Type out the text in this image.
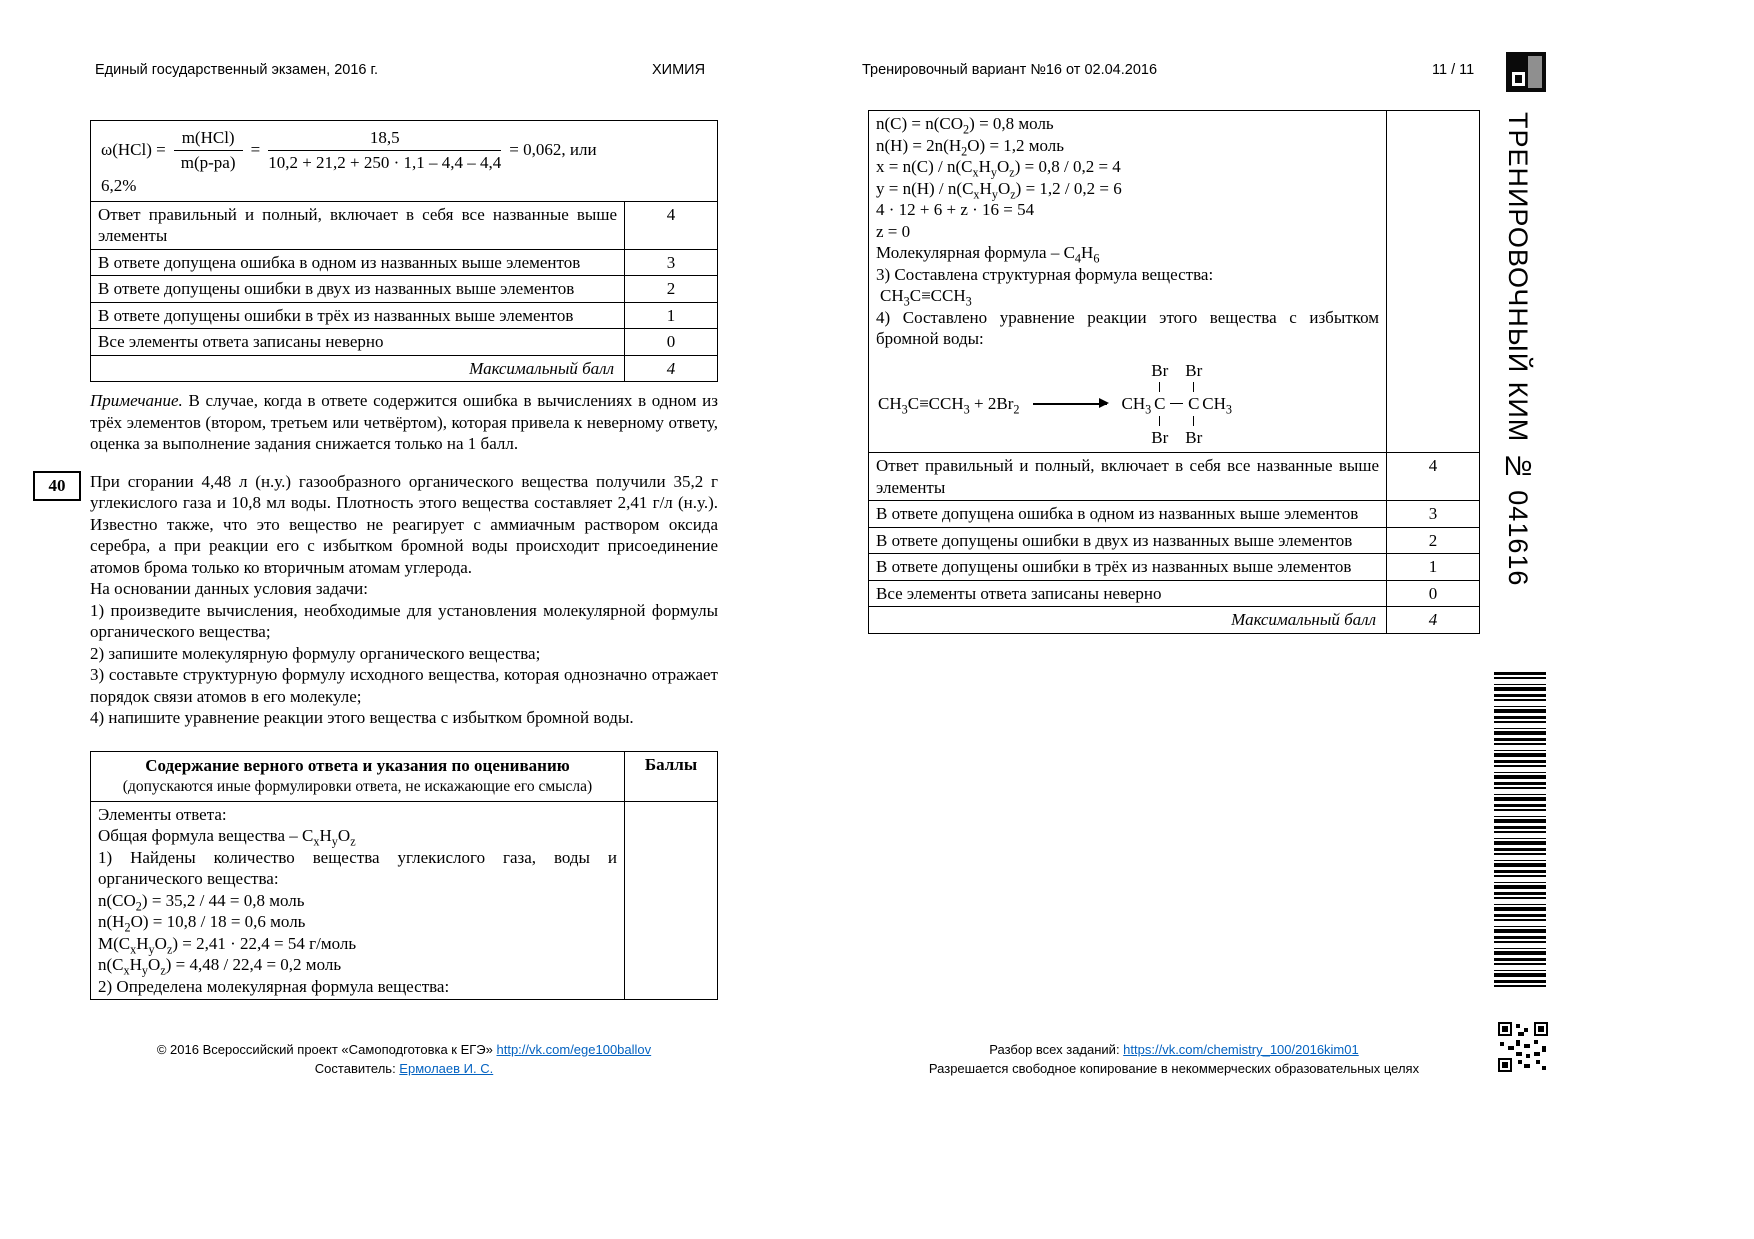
Единый государственный экзамен, 2016 г.	ХИМИЯ	Тренировочный вариант №16 от 02.04.2016	11 / 11
$\omega(HCl) = \frac{\text{m(HCl)}}{m(р-ра)} = \frac{18,5}{10,2 + 21,2 + 250 \cdot 1,1 - 4,4 - 4,4} = 0,062$, или
6,2%

Ответ правильный и полный, включает в себя все названные выше элементы	4
В ответе допущена ошибка в одном из названных выше элементов	3
В ответе допущены ошибки в двух из названных выше элементов	2
В ответе допущены ошибки в трёх из названных выше элементов	1
Все элементы ответа записаны неверно	0
Максимальный балл	4

Примечание. В случае, когда в ответе содержится ошибка в вычислениях в одном из трёх элементов (втором, третьем или четвёртом), которая привела к неверному ответу, оценка за выполнение задания снижается только на 1 балл.

40	При сгорании 4,48 л (н.у.) газообразного органического вещества получили 35,2 г углекислого газа и 10,8 мл воды. Плотность этого вещества составляет 2,41 г/л (н.у.). Известно также, что это вещество не реагирует с аммиачным раствором оксида серебра, а при реакции его с избытком бромной воды происходит присоединение атомов брома только ко вторичным атомам углерода.

На основании данных условия задачи:

1) произведите вычисления, необходимые для установления молекулярной формулы органического вещества;

2) запишите молекулярную формулу органического вещества;

3) составьте структурную формулу исходного вещества, которая однозначно отражает порядок связи атомов в его молекуле;

4) напишите уравнение реакции этого вещества с избытком бромной воды.

Содержание верного ответа и указания по оцениванию
(допускаются иные формулировки ответа, не искажающие его смысла)	Баллы

Элементы ответа:
Общая формула вещества – $C_xH_yO_z$
1) Найдены количество вещества углекислого газа, воды и органического вещества:
$n(CO_2) = 35,2 / 44 = 0,8$ моль
$n(H_2O) = 10,8 / 18 = 0,6$ моль
$M(C_xH_yO_z) = 2,41 \cdot 22,4 = 54$ г/моль
$n(C_xH_yO_z) = 4,48 / 22,4 = 0,2$ моль
2) Определена молекулярная формула вещества:

$n(C) = n(CO_2) = 0,8$ моль
$n(H) = 2n(H_2O) = 1,2$ моль
$x = n(C) / n(C_xH_yO_z) = 0,8 / 0,2 = 4$
$y = n(H) / n(C_xH_yO_z) = 1,2 / 0,2 = 6$
4 · 12 + 6 + z · 16 = 54
z = 0
Молекулярная формула – $C_4H_6$
3) Составлена структурная формула вещества:
$CH_3C\equiv CCH_3$
4) Составлено уравнение реакции этого вещества с избытком бромной воды:
$CH_3C\equiv CCH_3 + 2Br_2$
Br Br
$CH_3$ C C $CH_3$
Br Br

Ответ правильный и полный, включает в себя все названные выше элементы	4
В ответе допущена ошибка в одном из названных выше элементов	3
В ответе допущены ошибки в двух из названных выше элементов	2
В ответе допущены ошибки в трёх из названных выше элементов	1
Все элементы ответа записаны неверно	0
Максимальный балл	4
© 2016 Всероссийский проект «Самоподготовка к ЕГЭ» http://vk.com/ege100ballov
Составитель: Ермолаев И. С.
Разбор всех заданий: https://vk.com/chemistry_100/2016kim01
Разрешается свободное копирование в некоммерческих образовательных целях
ТРЕНИРОВОЧНЫЙ КИМ № 041616
